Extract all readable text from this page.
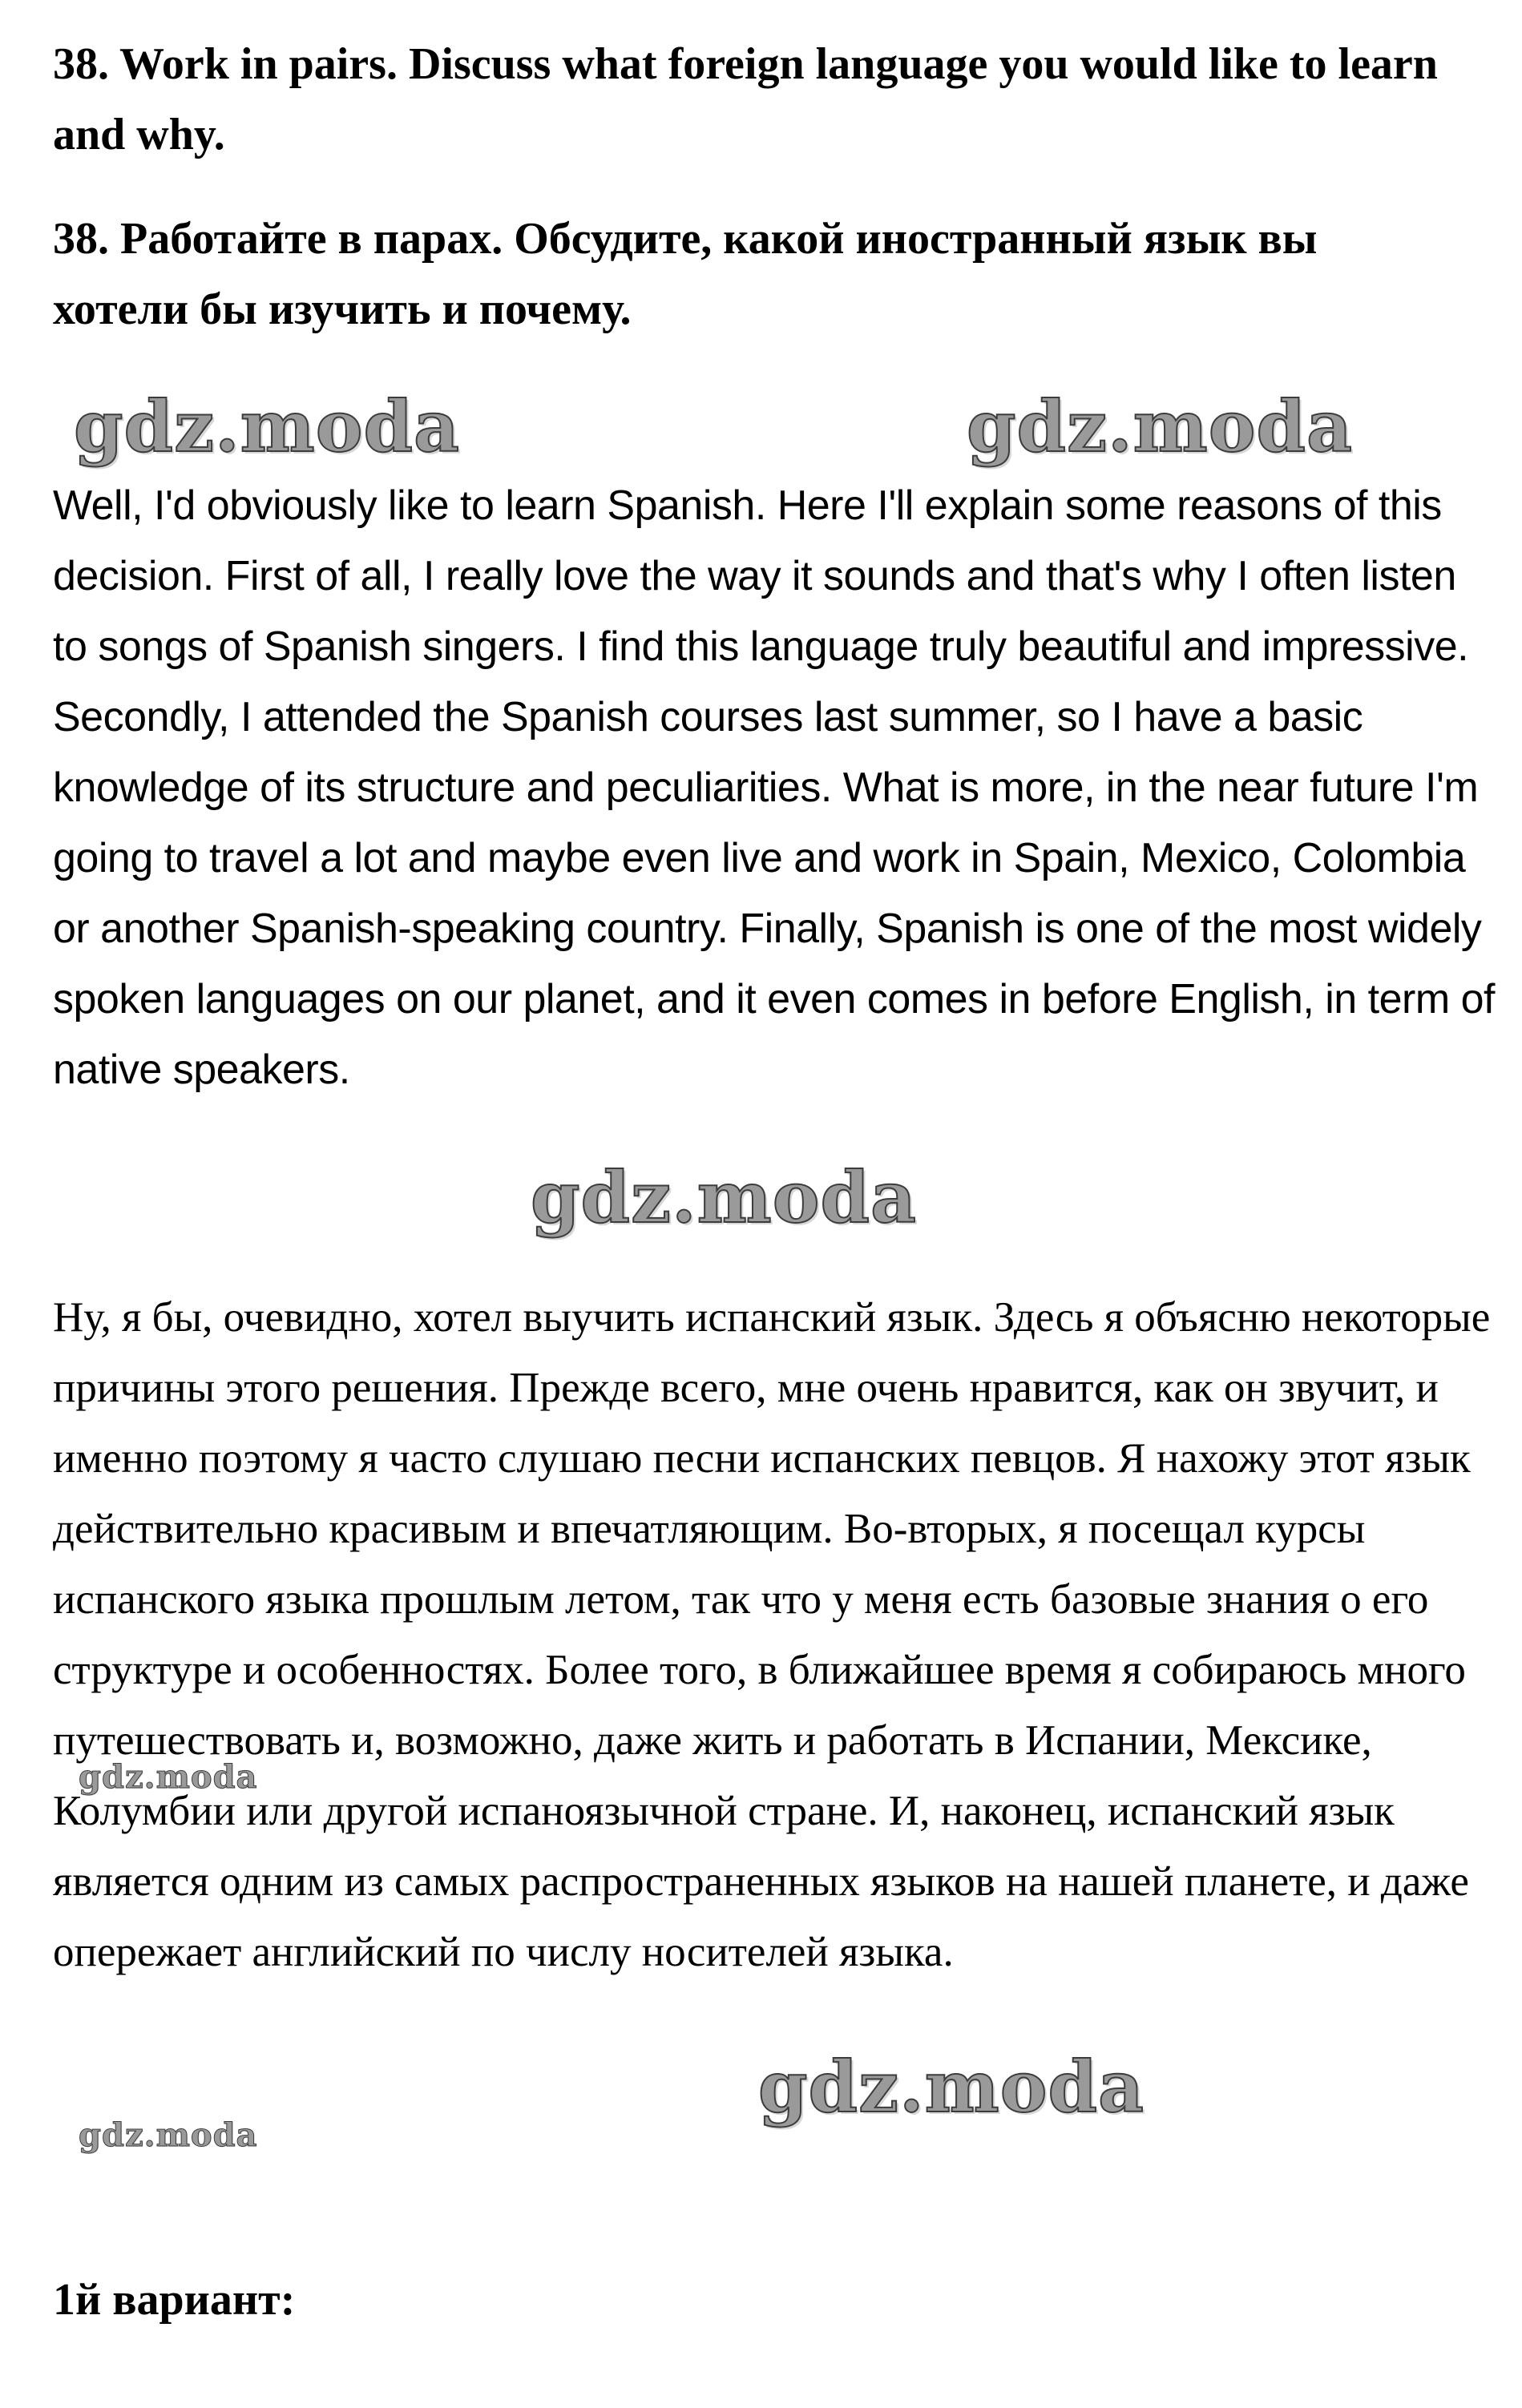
38. Work in pairs. Discuss what foreign language you would like to learn and why.

38. Работайте в парах. Обсудите, какой иностранный язык вы хотели бы изучить и почему.

gdz.moda	gdz.moda

Well, I'd obviously like to learn Spanish. Here I'll explain some reasons of this decision. First of all, I really love the way it sounds and that's why I often listen to songs of Spanish singers. I find this language truly beautiful and impressive. Secondly, I attended the Spanish courses last summer, so I have a basic knowledge of its structure and peculiarities. What is more, in the near future I'm going to travel a lot and maybe even live and work in Spain, Mexico, Colombia or another Spanish-speaking country. Finally, Spanish is one of the most widely spoken languages on our planet, and it even comes in before English, in term of native speakers.

gdz.moda

Ну, я бы, очевидно, хотел выучить испанский язык. Здесь я объясню некоторые причины этого решения. Прежде всего, мне очень нравится, как он звучит, и именно поэтому я часто слушаю песни испанских певцов. Я нахожу этот язык действительно красивым и впечатляющим. Во-вторых, я посещал курсы испанского языка прошлым летом, так что у меня есть базовые знания о его структуре и особенностях. Более того, в ближайшее время я собираюсь много путешествовать и, возможно, даже жить и работать в Испании, Мексике, Колумбии или другой испаноязычной стране. И, наконец, испанский язык является одним из самых распространенных языков на нашей планете, и даже опережает английский по числу носителей языка.

gdz.moda
gdz.moda
gdz.moda

1й вариант:
